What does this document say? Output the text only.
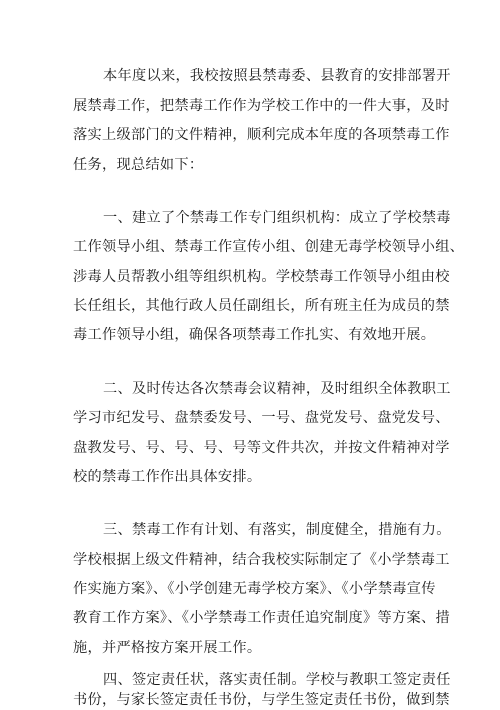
本年度以来，我校按照县禁毒委、县教育的安排部署开
展禁毒工作，把禁毒工作作为学校工作中的一件大事，及时
落实上级部门的文件精神，顺利完成本年度的各项禁毒工作
任务，现总结如下：
一、建立了个禁毒工作专门组织机构：成立了学校禁毒
工作领导小组、禁毒工作宣传小组、创建无毒学校领导小组、
涉毒人员帮教小组等组织机构。学校禁毒工作领导小组由校
长任组长，其他行政人员任副组长，所有班主任为成员的禁
毒工作领导小组，确保各项禁毒工作扎实、有效地开展。
二、及时传达各次禁毒会议精神，及时组织全体教职工
学习市纪发号、盘禁委发号、一号、盘党发号、盘党发号、
盘教发号、号、号、号、号等文件共次，并按文件精神对学
校的禁毒工作作出具体安排。
三、禁毒工作有计划、有落实，制度健全，措施有力。
学校根据上级文件精神，结合我校实际制定了《小学禁毒工
作实施方案》、《小学创建无毒学校方案》、《小学禁毒宣传
教育工作方案》、《小学禁毒工作责任追究制度》等方案、措
施，并严格按方案开展工作。
四、签定责任状，落实责任制。学校与教职工签定责任
书份，与家长签定责任书份，与学生签定责任书份，做到禁
